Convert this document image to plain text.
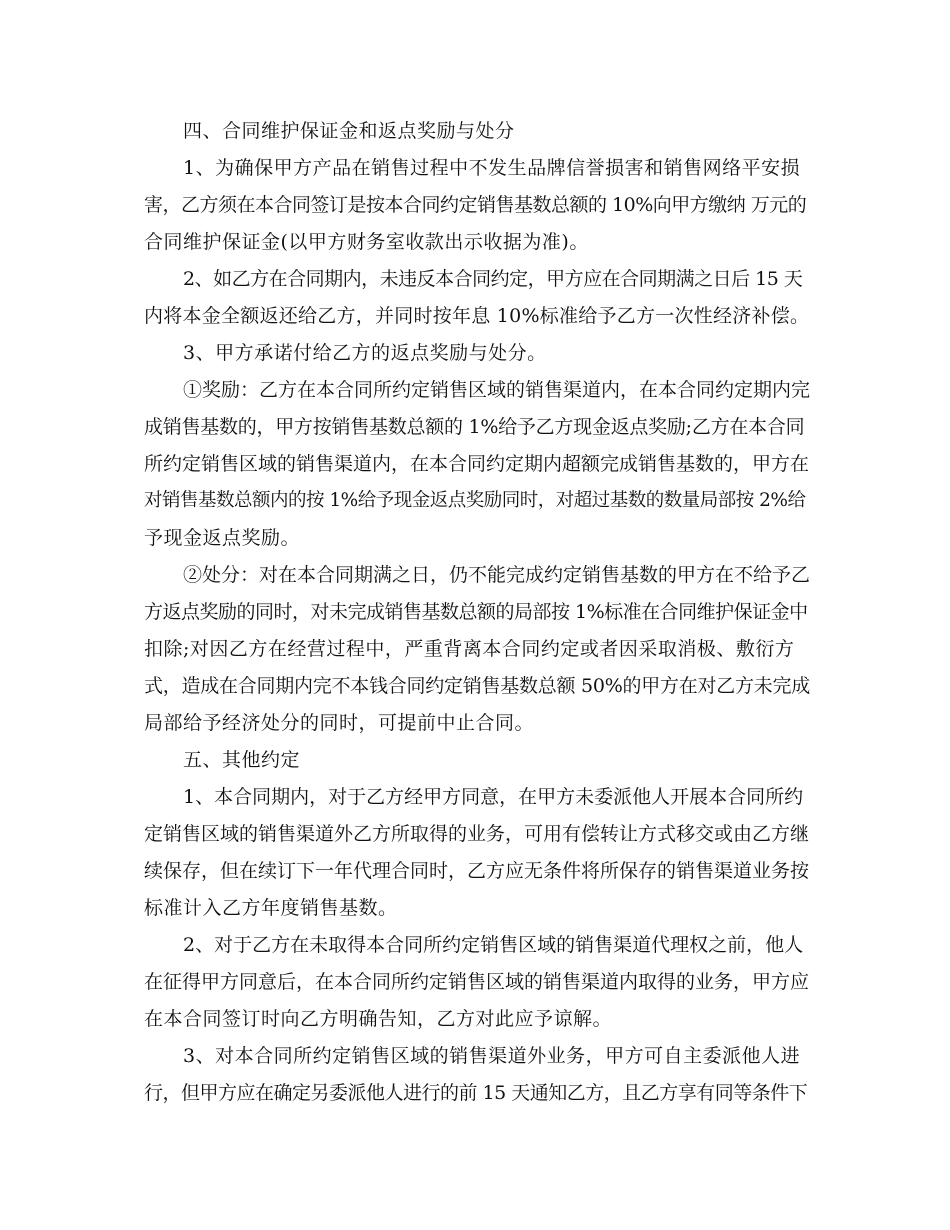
四、合同维护保证金和返点奖励与处分
1、为确保甲方产品在销售过程中不发生品牌信誉损害和销售网络平安损
害，乙方须在本合同签订是按本合同约定销售基数总额的 10%向甲方缴纳 万元的
合同维护保证金(以甲方财务室收款出示收据为准)。
2、如乙方在合同期内，未违反本合同约定，甲方应在合同期满之日后 15 天
内将本金全额返还给乙方，并同时按年息 10%标准给予乙方一次性经济补偿。
3、甲方承诺付给乙方的返点奖励与处分。
①奖励：乙方在本合同所约定销售区域的销售渠道内，在本合同约定期内完
成销售基数的，甲方按销售基数总额的 1%给予乙方现金返点奖励;乙方在本合同
所约定销售区域的销售渠道内，在本合同约定期内超额完成销售基数的，甲方在
对销售基数总额内的按 1%给予现金返点奖励同时，对超过基数的数量局部按 2%给
予现金返点奖励。
②处分：对在本合同期满之日，仍不能完成约定销售基数的甲方在不给予乙
方返点奖励的同时，对未完成销售基数总额的局部按 1%标准在合同维护保证金中
扣除;对因乙方在经营过程中，严重背离本合同约定或者因采取消极、敷衍方
式，造成在合同期内完不本钱合同约定销售基数总额 50%的甲方在对乙方未完成
局部给予经济处分的同时，可提前中止合同。
五、其他约定
1、本合同期内，对于乙方经甲方同意，在甲方未委派他人开展本合同所约
定销售区域的销售渠道外乙方所取得的业务，可用有偿转让方式移交或由乙方继
续保存，但在续订下一年代理合同时，乙方应无条件将所保存的销售渠道业务按
标准计入乙方年度销售基数。
2、对于乙方在未取得本合同所约定销售区域的销售渠道代理权之前，他人
在征得甲方同意后，在本合同所约定销售区域的销售渠道内取得的业务，甲方应
在本合同签订时向乙方明确告知，乙方对此应予谅解。
3、对本合同所约定销售区域的销售渠道外业务，甲方可自主委派他人进
行，但甲方应在确定另委派他人进行的前 15 天通知乙方，且乙方享有同等条件下
